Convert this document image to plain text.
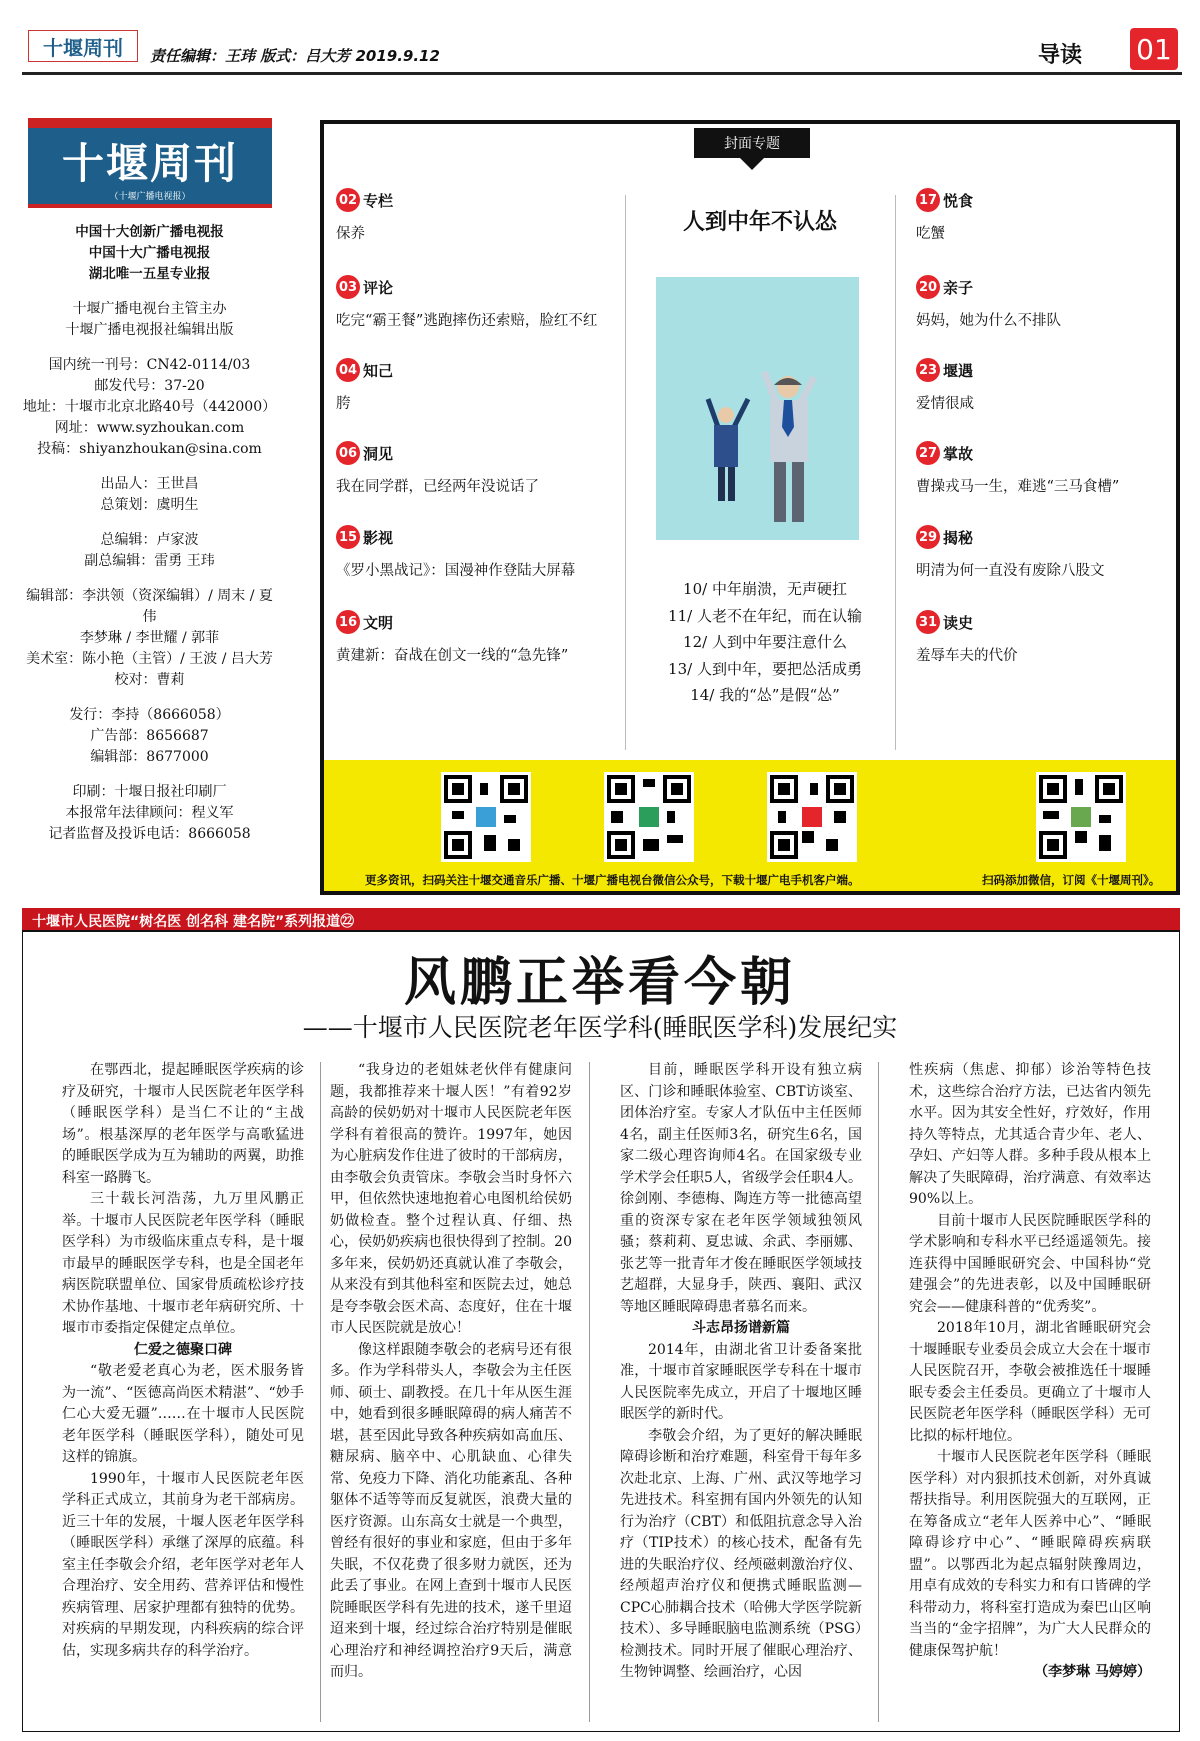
十堰周刊	责任编辑：王玮 版式：吕大芳 2019.9.12	导读 01
十堰周刊
（十堰广播电视报）
中国十大创新广播电视报
中国十大广播电视报
湖北唯一五星专业报
十堰广播电视台主管主办
十堰广播电视报社编辑出版
国内统一刊号：CN42-0114/03
邮发代号：37-20
地址：十堰市北京北路40号（442000）
网址：www.syzhoukan.com
投稿：shiyanzhoukan@sina.com
出品人：王世昌
总策划：虞明生
总编辑：卢家波
副总编辑：雷勇 王玮
编辑部：李洪领（资深编辑）/ 周末 / 夏伟
李梦琳 / 李世耀 / 郭菲
美术室：陈小艳（主管）/ 王波 / 吕大芳
校对：曹莉
发行：李持（8666058）
广告部：8656687
编辑部：8677000
印刷：十堰日报社印刷厂
本报常年法律顾问：程义军
记者监督及投诉电话：8666058
封面专题
02 专栏
保养
03 评论
吃完“霸王餐”逃跑摔伤还索赔，脸红不红
04 知己
胯
06 洞见
我在同学群，已经两年没说话了
15 影视
《罗小黑战记》：国漫神作登陆大屏幕
16 文明
黄建新：奋战在创文一线的“急先锋”
17 悦食
吃蟹
20 亲子
妈妈，她为什么不排队
23 堰遇
爱情很咸
27 掌故
曹操戎马一生，难逃“三马食槽”
29 揭秘
明清为何一直没有废除八股文
31 读史
羞辱车夫的代价
人到中年不认怂
10/ 中年崩溃，无声硬扛
11/ 人老不在年纪，而在认输
12/ 人到中年要注意什么
13/ 人到中年，要把怂活成勇
14/ 我的“怂”是假“怂”
更多资讯，扫码关注十堰交通音乐广播、十堰广播电视台微信公众号，下载十堰广电手机客户端。	扫码添加微信，订阅《十堰周刊》。
十堰市人民医院“树名医 创名科 建名院”系列报道㉒
风鹏正举看今朝
——十堰市人民医院老年医学科(睡眠医学科)发展纪实

在鄂西北，提起睡眠医学疾病的诊疗及研究，十堰市人民医院老年医学科（睡眠医学科）是当仁不让的“主战场”。根基深厚的老年医学与高歌猛进的睡眠医学成为互为辅助的两翼，助推科室一路腾飞。

三十载长河浩荡，九万里风鹏正举。十堰市人民医院老年医学科（睡眠医学科）为市级临床重点专科，是十堰市最早的睡眠医学专科，也是全国老年病医院联盟单位、国家骨质疏松诊疗技术协作基地、十堰市老年病研究所、十堰市市委指定保健定点单位。

仁爱之德聚口碑

“敬老爱老真心为老，医术服务皆为一流”、“医德高尚医术精湛”、“妙手仁心大爱无疆”……在十堰市人民医院老年医学科（睡眠医学科），随处可见这样的锦旗。

1990年，十堰市人民医院老年医学科正式成立，其前身为老干部病房。近三十年的发展，十堰人医老年医学科（睡眠医学科）承继了深厚的底蕴。科室主任李敬会介绍，老年医学对老年人合理治疗、安全用药、营养评估和慢性疾病管理、居家护理都有独特的优势。对疾病的早期发现，内科疾病的综合评估，实现多病共存的科学治疗。

“我身边的老姐妹老伙伴有健康问题，我都推荐来十堰人医！”有着92岁高龄的侯奶奶对十堰市人民医院老年医学科有着很高的赞许。1997年，她因为心脏病发作住进了彼时的干部病房，由李敬会负责管床。李敬会当时身怀六甲，但依然快速地抱着心电图机给侯奶奶做检查。整个过程认真、仔细、热心，侯奶奶疾病也很快得到了控制。20多年来，侯奶奶还真就认准了李敬会，从来没有到其他科室和医院去过，她总是夸李敬会医术高、态度好，住在十堰市人民医院就是放心！

像这样跟随李敬会的老病号还有很多。作为学科带头人，李敬会为主任医师、硕士、副教授。在几十年从医生涯中，她看到很多睡眠障碍的病人痛苦不堪，甚至因此导致各种疾病如高血压、糖尿病、脑卒中、心肌缺血、心律失常、免疫力下降、消化功能紊乱、各种躯体不适等等而反复就医，浪费大量的医疗资源。山东高女士就是一个典型，曾经有很好的事业和家庭，但由于多年失眠，不仅花费了很多财力就医，还为此丢了事业。在网上查到十堰市人民医院睡眠医学科有先进的技术，遂千里迢迢来到十堰，经过综合治疗特别是催眠心理治疗和神经调控治疗9天后，满意而归。

目前，睡眠医学科开设有独立病区、门诊和睡眠体验室、CBT访谈室、团体治疗室。专家人才队伍中主任医师4名，副主任医师3名，研究生6名，国家二级心理咨询师4名。在国家级专业学术学会任职5人，省级学会任职4人。徐剑刚、李德梅、陶连方等一批德高望重的资深专家在老年医学领域独领风骚；蔡莉莉、夏忠诚、余武、李丽娜、张艺等一批青年才俊在睡眠医学领域技艺超群，大显身手，陕西、襄阳、武汉等地区睡眠障碍患者慕名而来。

斗志昂扬谱新篇

2014年，由湖北省卫计委备案批准，十堰市首家睡眠医学专科在十堰市人民医院率先成立，开启了十堰地区睡眠医学的新时代。

李敬会介绍，为了更好的解决睡眠障碍诊断和治疗难题，科室骨干每年多次赴北京、上海、广州、武汉等地学习先进技术。科室拥有国内外领先的认知行为治疗（CBT）和低阻抗意念导入治疗（TIP技术）的核心技术，配备有先进的失眠治疗仪、经颅磁刺激治疗仪、经颅超声治疗仪和便携式睡眠监测—CPC心肺耦合技术（哈佛大学医学院新技术）、多导睡眠脑电监测系统（PSG）检测技术。同时开展了催眠心理治疗、生物钟调整、绘画治疗，心因

性疾病（焦虑、抑郁）诊治等特色技术，这些综合治疗方法，已达省内领先水平。因为其安全性好，疗效好，作用持久等特点，尤其适合青少年、老人、孕妇、产妇等人群。多种手段从根本上解决了失眠障碍，治疗满意、有效率达90%以上。

目前十堰市人民医院睡眠医学科的学术影响和专科水平已经遥遥领先。接连获得中国睡眠研究会、中国科协“党建强会”的先进表彰，以及中国睡眠研究会——健康科普的“优秀奖”。

2018年10月，湖北省睡眠研究会十堰睡眠专业委员会成立大会在十堰市人民医院召开，李敬会被推选任十堰睡眠专委会主任委员。更确立了十堰市人民医院老年医学科（睡眠医学科）无可比拟的标杆地位。

十堰市人民医院老年医学科（睡眠医学科）对内狠抓技术创新，对外真诚帮扶指导。利用医院强大的互联网，正在筹备成立“老年人医养中心”、“睡眠障碍诊疗中心”、“睡眠障碍疾病联盟”。以鄂西北为起点辐射陕豫周边，用卓有成效的专科实力和有口皆碑的学科带动力，将科室打造成为秦巴山区响当当的“金字招牌”，为广大人民群众的健康保驾护航！

（李梦琳 马婷婷）
